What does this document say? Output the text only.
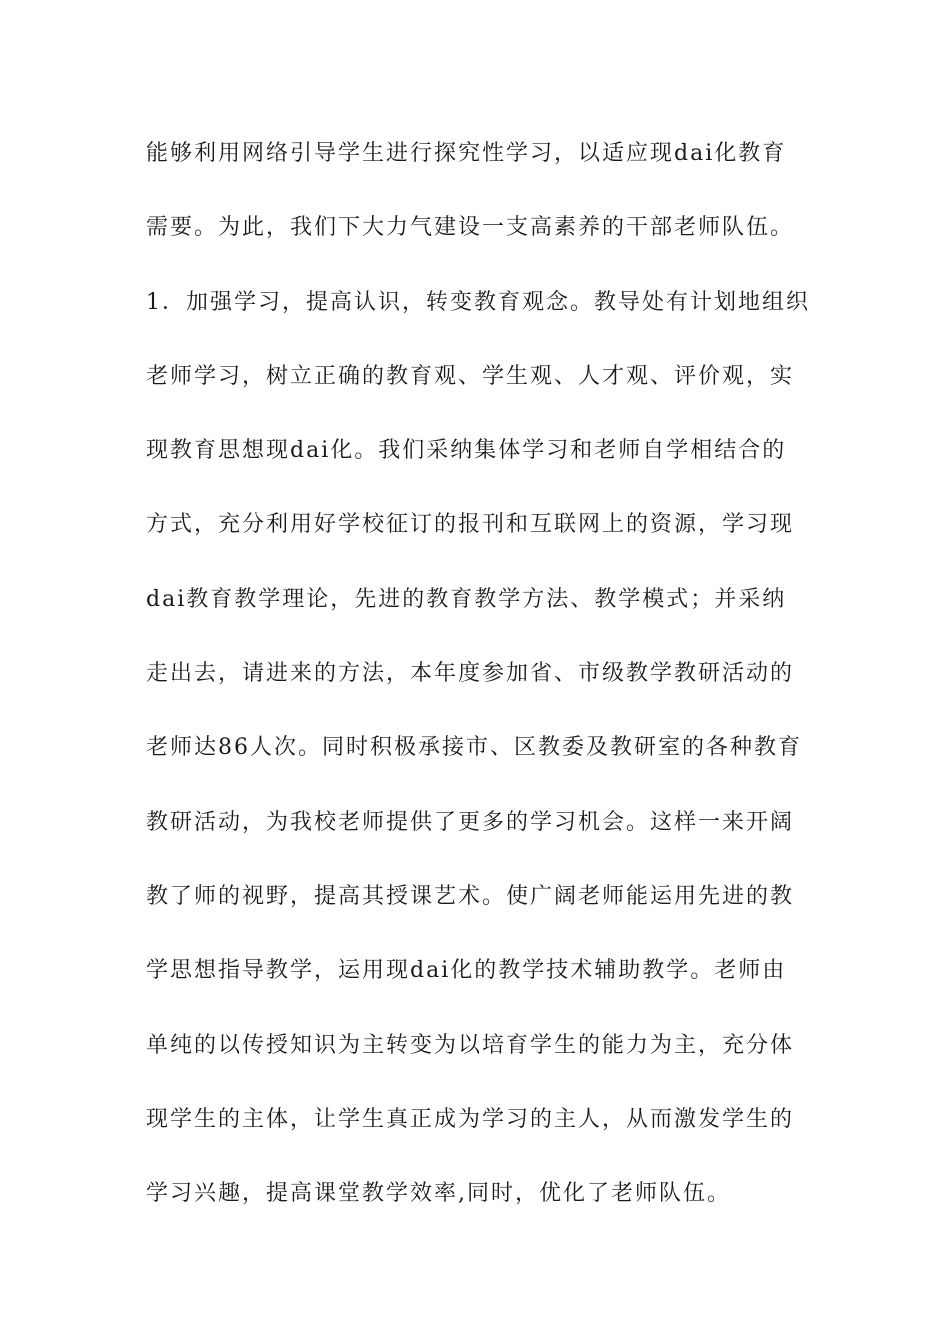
能够利用网络引导学生进行探究性学习，以适应现dai化教育
需要。为此，我们下大力气建设一支高素养的干部老师队伍。
1．加强学习，提高认识，转变教育观念。教导处有计划地组织
老师学习，树立正确的教育观、学生观、人才观、评价观，实
现教育思想现dai化。我们采纳集体学习和老师自学相结合的
方式，充分利用好学校征订的报刊和互联网上的资源，学习现
dai教育教学理论，先进的教育教学方法、教学模式；并采纳
走出去，请进来的方法，本年度参加省、市级教学教研活动的
老师达86人次。同时积极承接市、区教委及教研室的各种教育
教研活动，为我校老师提供了更多的学习机会。这样一来开阔
教了师的视野，提高其授课艺术。使广阔老师能运用先进的教
学思想指导教学，运用现dai化的教学技术辅助教学。老师由
单纯的以传授知识为主转变为以培育学生的能力为主，充分体
现学生的主体，让学生真正成为学习的主人，从而激发学生的
学习兴趣，提高课堂教学效率,同时，优化了老师队伍。
